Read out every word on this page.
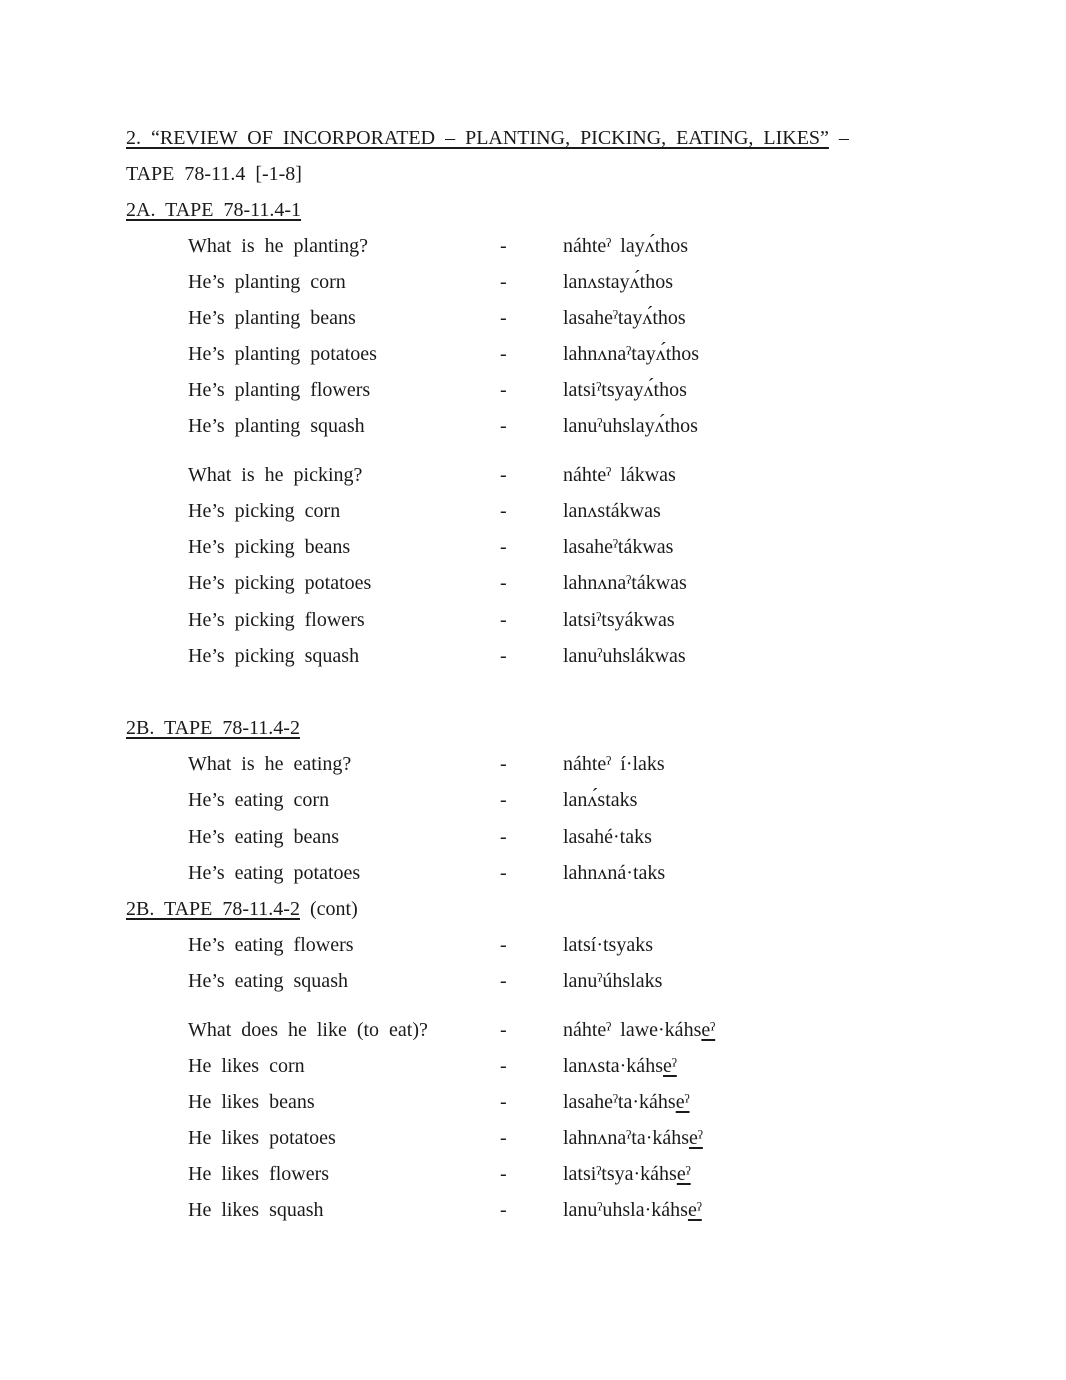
2. “REVIEW OF INCORPORATED – PLANTING, PICKING, EATING, LIKES” –
TAPE 78-11.4 [-1-8]
2A. TAPE 78-11.4-1
What is he planting?	-	náhteˀ layʌ́thos
He’s planting corn	-	lanʌstayʌ́thos
He’s planting beans	-	lasaheˀtayʌ́thos
He’s planting potatoes	-	lahnʌnaˀtayʌ́thos
He’s planting flowers	-	latsiˀtsyayʌ́thos
He’s planting squash	-	lanuˀuhslayʌ́thos
What is he picking?	-	náhteˀ lákwas
He’s picking corn	-	lanʌstákwas
He’s picking beans	-	lasaheˀtákwas
He’s picking potatoes	-	lahnʌnaˀtákwas
He’s picking flowers	-	latsiˀtsyákwas
He’s picking squash	-	lanuˀuhslákwas
2B. TAPE 78-11.4-2
What is he eating?	-	náhteˀ í·laks
He’s eating corn	-	lanʌ́staks
He’s eating beans	-	lasahé·taks
He’s eating potatoes	-	lahnʌná·taks
2B. TAPE 78-11.4-2 (cont)
He’s eating flowers	-	latsí·tsyaks
He’s eating squash	-	lanuˀúhslaks
What does he like (to eat)?	-	náhteˀ lawe·káhseˀ
He likes corn	-	lanʌsta·káhseˀ
He likes beans	-	lasaheˀta·káhseˀ
He likes potatoes	-	lahnʌnaˀta·káhseˀ
He likes flowers	-	latsiˀtsya·káhseˀ
He likes squash	-	lanuˀuhsla·káhseˀ
